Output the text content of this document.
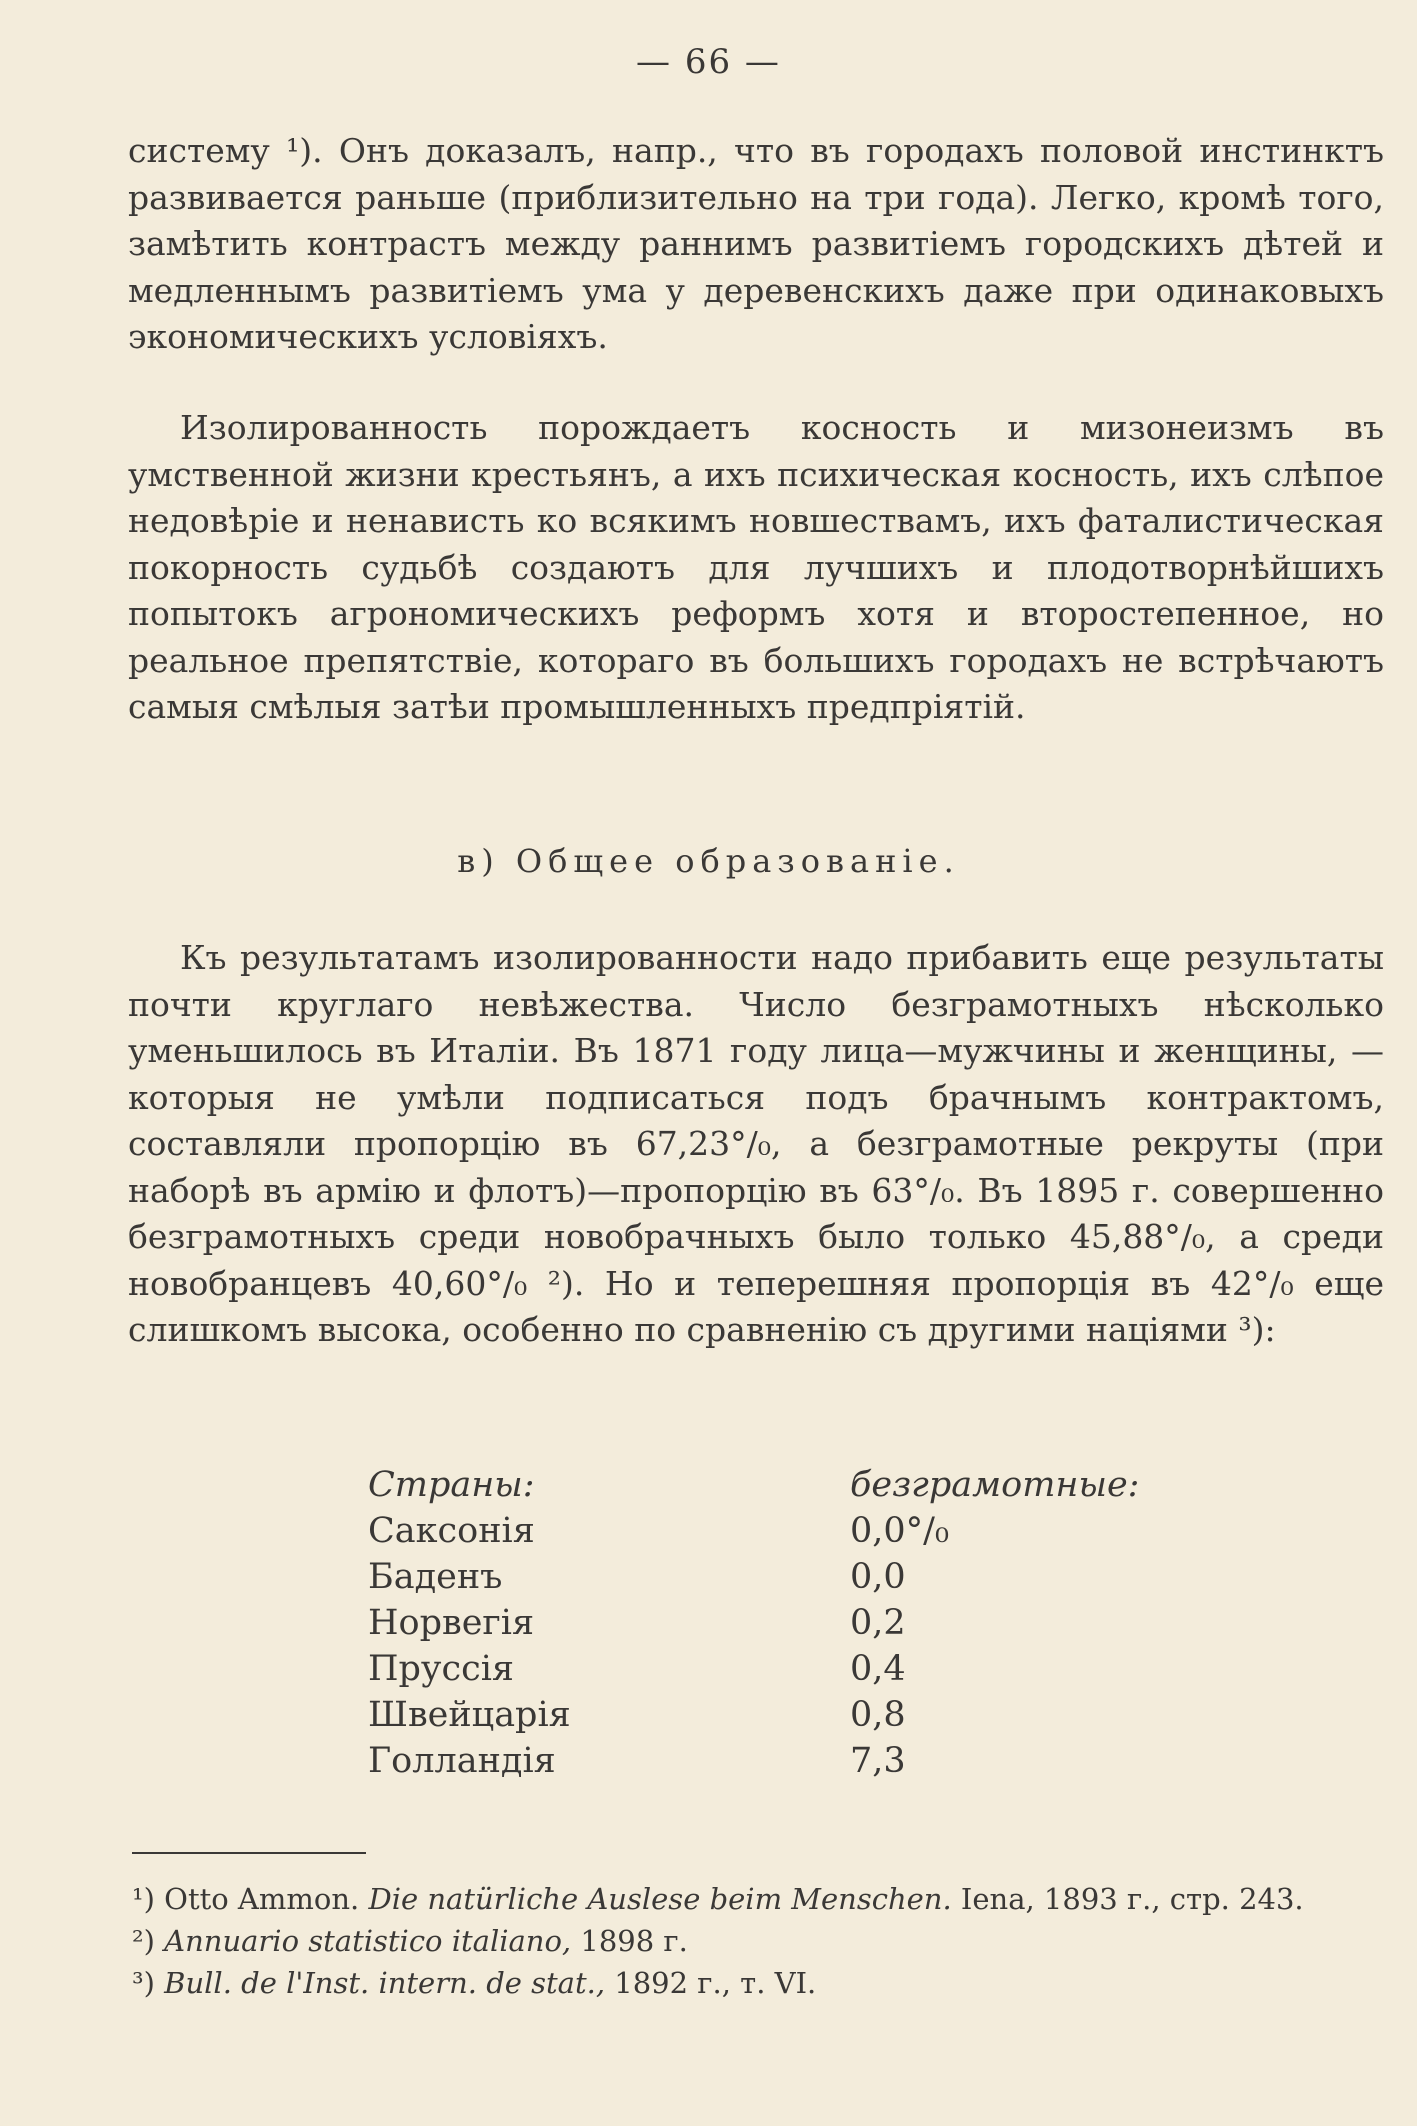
— 66 —

систему ¹). Онъ доказалъ, напр., что въ городахъ половой инстинктъ развивается раньше (приблизительно на три года). Легко, кромѣ того, замѣтить контрастъ между раннимъ развитіемъ городскихъ дѣтей и медленнымъ развитіемъ ума у деревенскихъ даже при одинаковыхъ экономическихъ условіяхъ.

Изолированность порождаетъ косность и мизонеизмъ въ умственной жизни крестьянъ, а ихъ психическая косность, ихъ слѣпое недовѣріе и ненависть ко всякимъ новшествамъ, ихъ фаталистическая покорность судьбѣ создаютъ для лучшихъ и плодотворнѣйшихъ попытокъ агрономическихъ реформъ хотя и второстепенное, но реальное препятствіе, котораго въ большихъ городахъ не встрѣчаютъ самыя смѣлыя затѣи промышленныхъ предпріятій.

в) Общее образованіе.

Къ результатамъ изолированности надо прибавить еще результаты почти круглаго невѣжества. Число безграмотныхъ нѣсколько уменьшилось въ Италіи. Въ 1871 году лица—мужчины и женщины, — которыя не умѣли подписаться подъ брачнымъ контрактомъ, составляли пропорцію въ 67,23°/₀, а безграмотные рекруты (при наборѣ въ армію и флотъ)—пропорцію въ 63°/₀. Въ 1895 г. совершенно безграмотныхъ среди новобрачныхъ было только 45,88°/₀, а среди новобранцевъ 40,60°/₀ ²). Но и теперешняя пропорція въ 42°/₀ еще слишкомъ высока, особенно по сравненію съ другими націями ³):

Страны:	безграмотные:
Саксонія	0,0°/₀
Баденъ	0,0
Норвегія	0,2
Пруссія	0,4
Швейцарія	0,8
Голландія	7,3

¹) Otto Ammon. Die natürliche Auslese beim Menschen. Iena, 1893 г., стр. 243.

²) Annuario statistico italiano, 1898 г.

³) Bull. de l'Inst. intern. de stat., 1892 г., т. VI.
